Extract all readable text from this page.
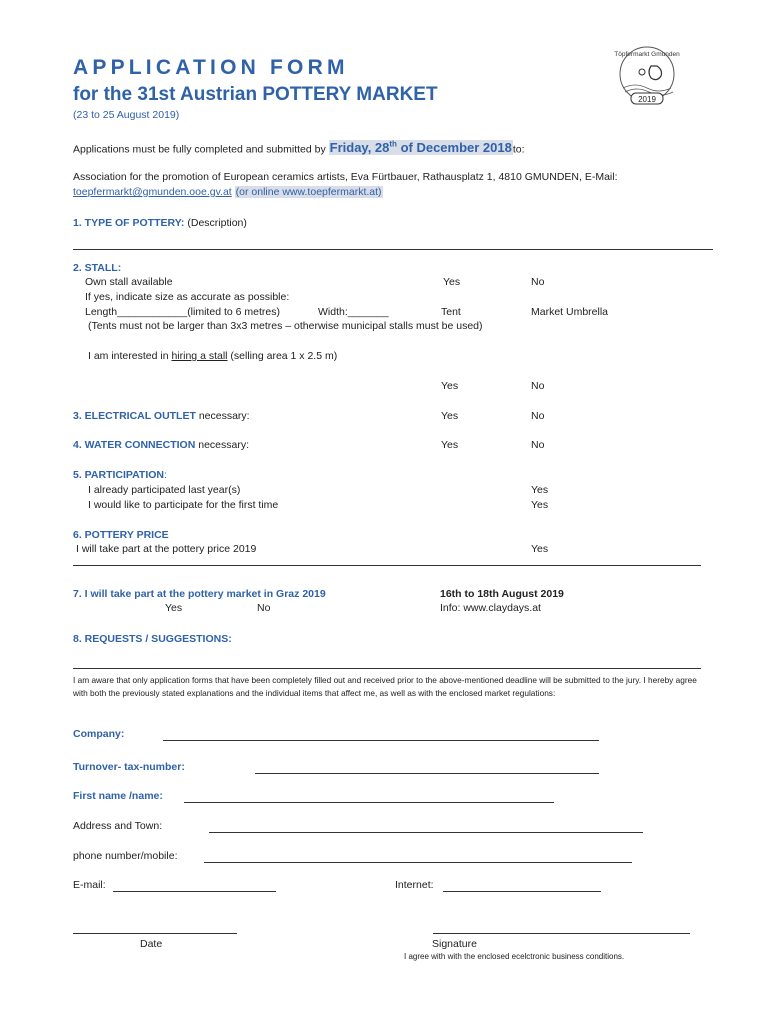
APPLICATION FORM
for the 31st Austrian POTTERY MARKET
(23 to 25 August 2019)
Töpfermarkt Gmunden
2019
Applications must be fully completed and submitted by Friday, 28th of December 2018to:
Association for the promotion of European ceramics artists, Eva Fürtbauer, Rathausplatz 1, 4810 GMUNDEN, E-Mail:
toepfermarkt@gmunden.ooe.gv.at (or online www.toepfermarkt.at)
1. TYPE OF POTTERY: (Description)
2. STALL:
Own stall available	Yes	No
If yes, indicate size as accurate as possible:
Length____________(limited to 6 metres)	Width:_______	Tent	Market Umbrella
(Tents must not be larger than 3x3 metres – otherwise municipal stalls must be used)
I am interested in hiring a stall (selling area 1 x 2.5 m)
Yes	No
3. ELECTRICAL OUTLET necessary:	Yes	No
4. WATER CONNECTION necessary:	Yes	No
5. PARTICIPATION:
I already participated last year(s)	Yes
I would like to participate for the first time	Yes
6. POTTERY PRICE
I will take part at the pottery price 2019	Yes
7. I will take part at the pottery market in Graz 2019
Yes	No
16th to 18th August 2019
Info: www.claydays.at
8. REQUESTS / SUGGESTIONS:
I am aware that only application forms that have been completely filled out and received prior to the above-mentioned deadline will be submitted to the jury. I hereby agree with both the previously stated explanations and the individual items that affect me, as well as with the enclosed market regulations:
Company:
Turnover- tax-number:
First name /name:
Address and Town:
phone number/mobile:
E-mail:	Internet:
Date	Signature
I agree with with the enclosed ecelctronic business conditions.
